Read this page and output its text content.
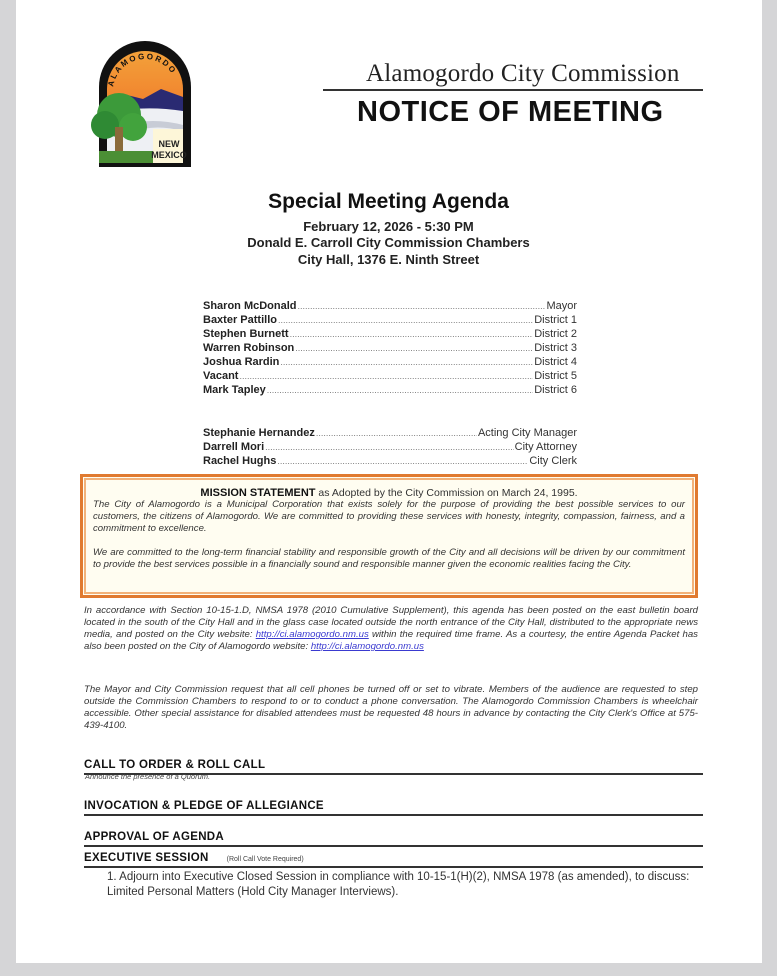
NEW
MEXICO
ALAMOGORDO	Alamogordo City Commission
NOTICE OF MEETING
Special Meeting Agenda
February 12, 2026 - 5:30 PM
Donald E. Carroll City Commission Chambers
City Hall, 1376 E. Ninth Street
Sharon McDonald .....	Mayor
Baxter Pattillo .....	District 1
Stephen Burnett .....	District 2
Warren Robinson .....	District 3
Joshua Rardin .....	District 4
Vacant .....	District 5
Mark Tapley .....	District 6
Stephanie Hernandez .....	Acting City Manager
Darrell Mori .....	City Attorney
Rachel Hughs .....	City Clerk
MISSION STATEMENT as Adopted by the City Commission on March 24, 1995.

The City of Alamogordo is a Municipal Corporation that exists solely for the purpose of providing the best possible services to our customers, the citizens of Alamogordo. We are committed to providing these services with honesty, integrity, compassion, fairness, and a commitment to excellence.

We are committed to the long-term financial stability and responsible growth of the City and all decisions will be driven by our commitment to provide the best services possible in a financially sound and responsible manner given the economic realities facing the City.

In accordance with Section 10-15-1.D, NMSA 1978 (2010 Cumulative Supplement), this agenda has been posted on the east bulletin board located in the south of the City Hall and in the glass case located outside the north entrance of the City Hall, distributed to the appropriate news media, and posted on the City website: http://ci.alamogordo.nm.us within the required time frame. As a courtesy, the entire Agenda Packet has also been posted on the City of Alamogordo website: http://ci.alamogordo.nm.us
The Mayor and City Commission request that all cell phones be turned off or set to vibrate. Members of the audience are requested to step outside the Commission Chambers to respond to or to conduct a phone conversation. The Alamogordo Commission Chambers is wheelchair accessible. Other special assistance for disabled attendees must be requested 48 hours in advance by contacting the City Clerk's Office at 575-439-4100.
CALL TO ORDER & ROLL CALL
Announce the presence of a Quorum.
INVOCATION & PLEDGE OF ALLEGIANCE
APPROVAL OF AGENDA
EXECUTIVE SESSION	(Roll Call Vote Required)
1. Adjourn into Executive Closed Session in compliance with 10-15-1(H)(2), NMSA 1978 (as amended), to discuss: Limited Personal Matters (Hold City Manager Interviews).
